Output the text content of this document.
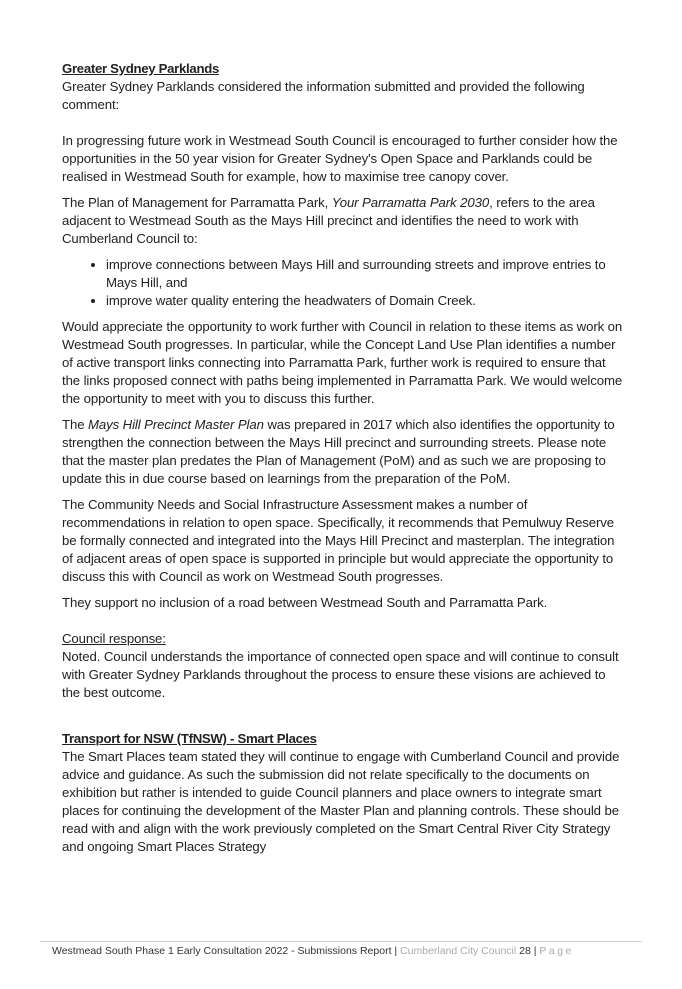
Greater Sydney Parklands

Greater Sydney Parklands considered the information submitted and provided the following comment:

In progressing future work in Westmead South Council is encouraged to further consider how the opportunities in the 50 year vision for Greater Sydney's Open Space and Parklands could be realised in Westmead South for example, how to maximise tree canopy cover.

The Plan of Management for Parramatta Park, Your Parramatta Park 2030, refers to the area adjacent to Westmead South as the Mays Hill precinct and identifies the need to work with Cumberland Council to:

• improve connections between Mays Hill and surrounding streets and improve entries to Mays Hill, and
• improve water quality entering the headwaters of Domain Creek.

Would appreciate the opportunity to work further with Council in relation to these items as work on Westmead South progresses. In particular, while the Concept Land Use Plan identifies a number of active transport links connecting into Parramatta Park, further work is required to ensure that the links proposed connect with paths being implemented in Parramatta Park. We would welcome the opportunity to meet with you to discuss this further.

The Mays Hill Precinct Master Plan was prepared in 2017 which also identifies the opportunity to strengthen the connection between the Mays Hill precinct and surrounding streets. Please note that the master plan predates the Plan of Management (PoM) and as such we are proposing to update this in due course based on learnings from the preparation of the PoM.

The Community Needs and Social Infrastructure Assessment makes a number of recommendations in relation to open space. Specifically, it recommends that Pemulwuy Reserve be formally connected and integrated into the Mays Hill Precinct and masterplan. The integration of adjacent areas of open space is supported in principle but would appreciate the opportunity to discuss this with Council as work on Westmead South progresses.

They support no inclusion of a road between Westmead South and Parramatta Park.

Council response:

Noted. Council understands the importance of connected open space and will continue to consult with Greater Sydney Parklands throughout the process to ensure these visions are achieved to the best outcome.

Transport for NSW (TfNSW) - Smart Places

The Smart Places team stated they will continue to engage with Cumberland Council and provide advice and guidance. As such the submission did not relate specifically to the documents on exhibition but rather is intended to guide Council planners and place owners to integrate smart places for continuing the development of the Master Plan and planning controls. These should be read with and align with the work previously completed on the Smart Central River City Strategy and ongoing Smart Places Strategy

Westmead South Phase 1 Early Consultation 2022 - Submissions Report | Cumberland City Council 28 | Page
